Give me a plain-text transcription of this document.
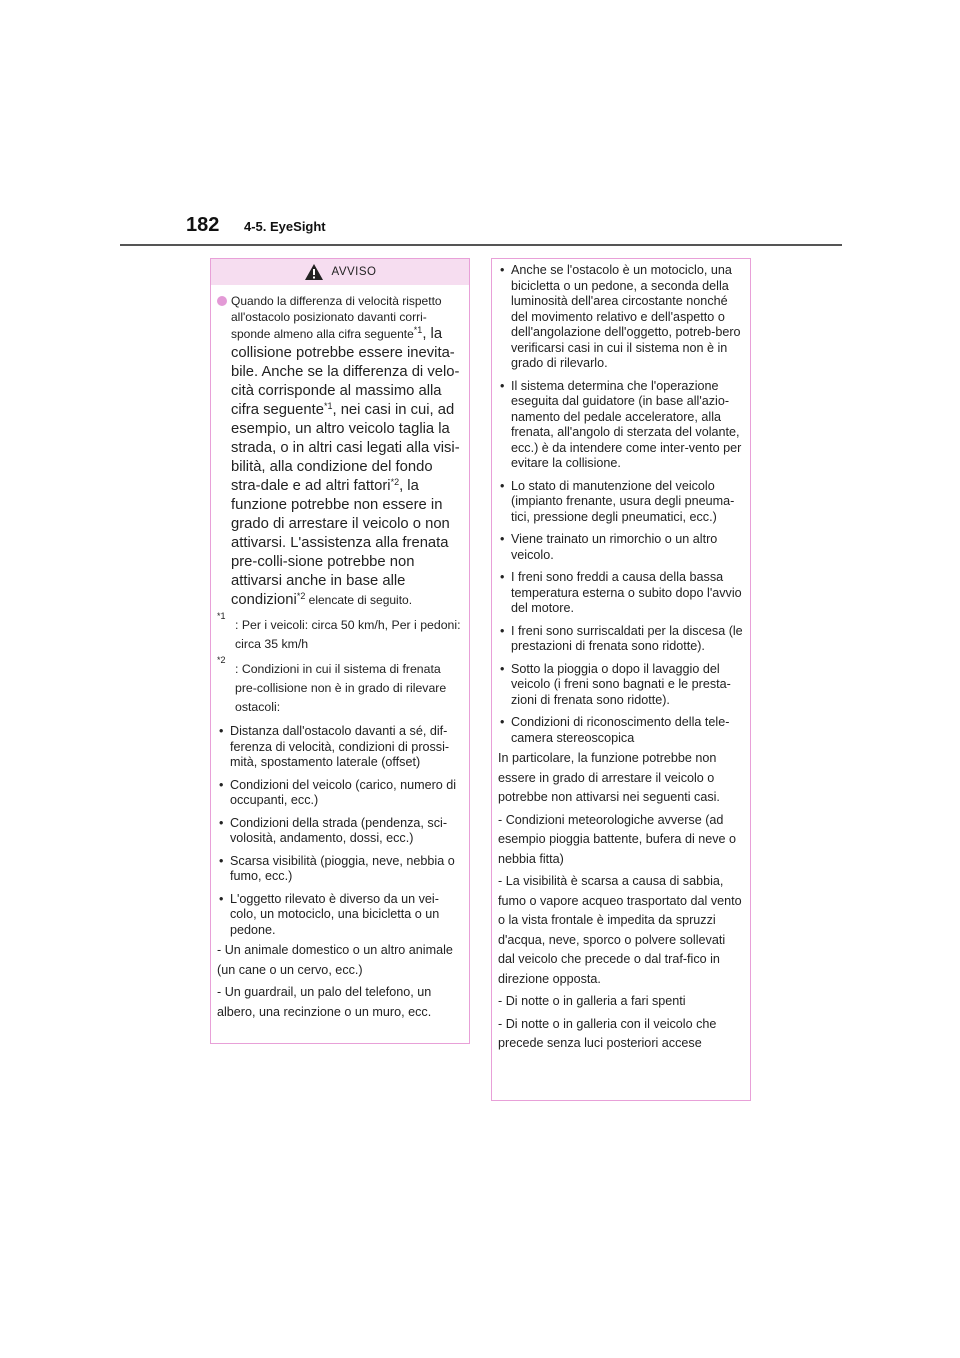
182 4-5. EyeSight
AVVISO
Quando la differenza di velocità rispetto all'ostacolo posizionato davanti corri-sponde almeno alla cifra seguente$^{*1}$, la collisione potrebbe essere inevita-bile. Anche se la differenza di velo-cità corrisponde al massimo alla cifra seguente$^{*1}$, nei casi in cui, ad esempio, un altro veicolo taglia la strada, o in altri casi legati alla visi-bilità, alla condizione del fondo stra-dale e ad altri fattori$^{*2}$, la funzione potrebbe non essere in grado di arrestare il veicolo o non attivarsi. L'assistenza alla frenata pre-colli-sione potrebbe non attivarsi anche in base alle condizioni$^{*2}$ elencate di seguito.
*1
: Per i veicoli: circa 50 km/h, Per i pedoni: circa 35 km/h
*2
: Condizioni in cui il sistema di frenata pre-collisione non è in grado di rilevare ostacoli:
• Distanza dall'ostacolo davanti a sé, dif-ferenza di velocità, condizioni di prossi-mità, spostamento laterale (offset)
• Condizioni del veicolo (carico, numero di occupanti, ecc.)
• Condizioni della strada (pendenza, sci-volosità, andamento, dossi, ecc.)
• Scarsa visibilità (pioggia, neve, nebbia o fumo, ecc.)
• L'oggetto rilevato è diverso da un vei-colo, un motociclo, una bicicletta o un pedone.
- Un animale domestico o un altro animale (un cane o un cervo, ecc.)
- Un guardrail, un palo del telefono, un albero, una recinzione o un muro, ecc.
• Anche se l'ostacolo è un motociclo, una bicicletta o un pedone, a seconda della luminosità dell'area circostante nonché del movimento relativo e dell'aspetto o dell'angolazione dell'oggetto, potreb-bero verificarsi casi in cui il sistema non è in grado di rilevarlo.
• Il sistema determina che l'operazione eseguita dal guidatore (in base all'azio-namento del pedale acceleratore, alla frenata, all'angolo di sterzata del volante, ecc.) è da intendere come inter-vento per evitare la collisione.
• Lo stato di manutenzione del veicolo (impianto frenante, usura degli pneuma-tici, pressione degli pneumatici, ecc.)
• Viene trainato un rimorchio o un altro veicolo.
• I freni sono freddi a causa della bassa temperatura esterna o subito dopo l'avvio del motore.
• I freni sono surriscaldati per la discesa (le prestazioni di frenata sono ridotte).
• Sotto la pioggia o dopo il lavaggio del veicolo (i freni sono bagnati e le presta-zioni di frenata sono ridotte).
• Condizioni di riconoscimento della tele-camera stereoscopica
In particolare, la funzione potrebbe non essere in grado di arrestare il veicolo o potrebbe non attivarsi nei seguenti casi.
- Condizioni meteorologiche avverse (ad esempio pioggia battente, bufera di neve o nebbia fitta)
- La visibilità è scarsa a causa di sabbia, fumo o vapore acqueo trasportato dal vento o la vista frontale è impedita da spruzzi d'acqua, neve, sporco o polvere sollevati dal veicolo che precede o dal traf-fico in direzione opposta.
- Di notte o in galleria a fari spenti
- Di notte o in galleria con il veicolo che precede senza luci posteriori accese
